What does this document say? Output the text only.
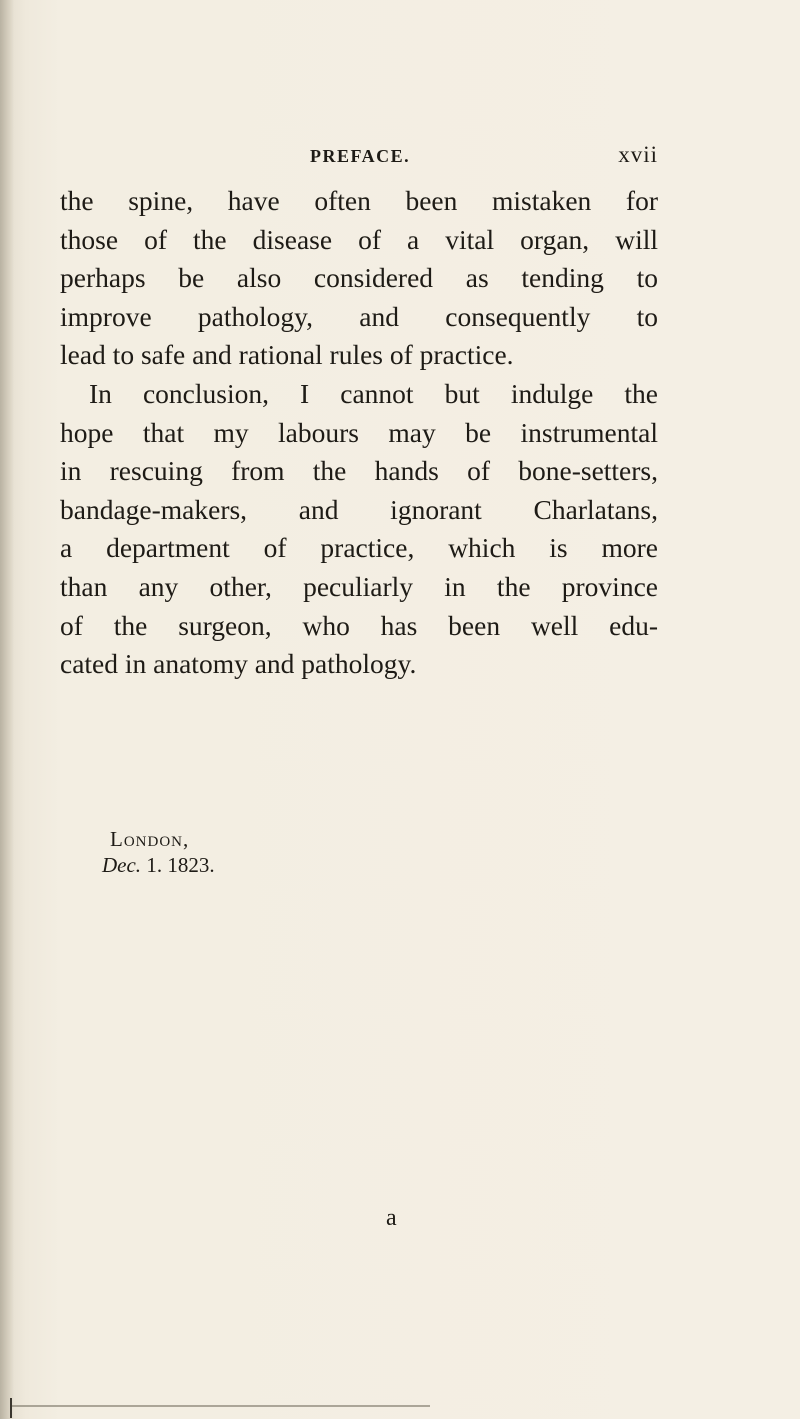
PREFACE.	xvii
the spine, have often been mistaken for
those of the disease of a vital organ, will
perhaps be also considered as tending to
improve pathology, and consequently to
lead to safe and rational rules of practice.
In conclusion, I cannot but indulge the
hope that my labours may be instrumental
in rescuing from the hands of bone-setters,
bandage-makers, and ignorant Charlatans,
a department of practice, which is more
than any other, peculiarly in the province
of the surgeon, who has been well edu-
cated in anatomy and pathology.
London,
Dec. 1. 1823.
a
